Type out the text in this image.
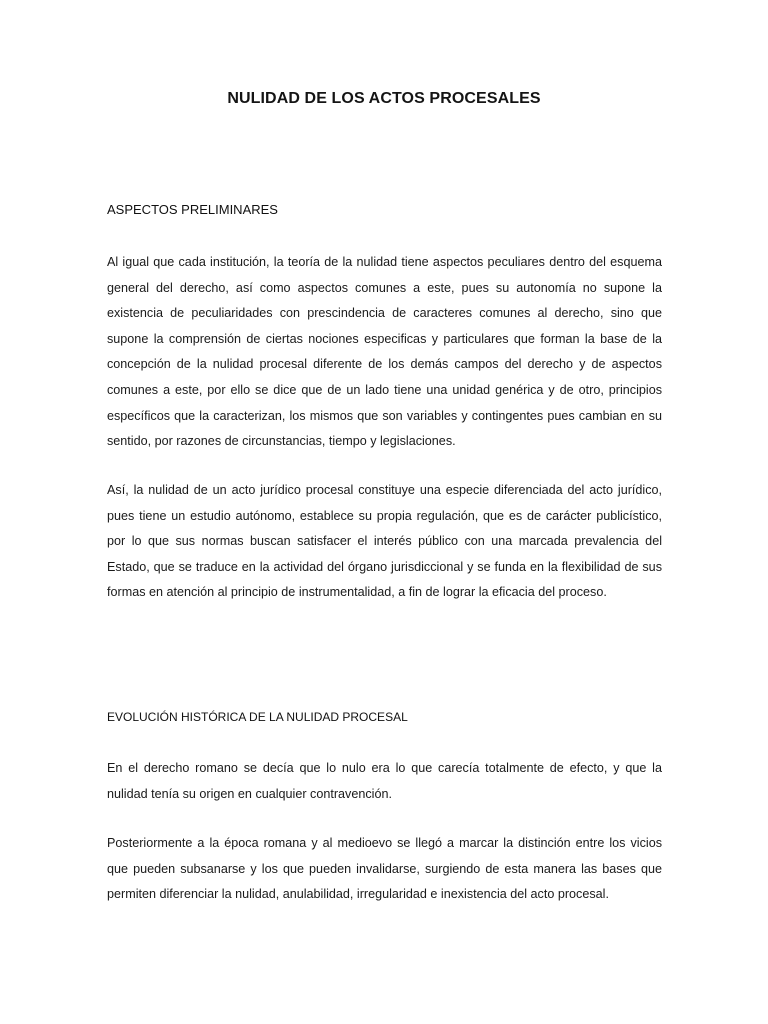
NULIDAD DE LOS ACTOS PROCESALES
ASPECTOS PRELIMINARES

Al igual que cada institución, la teoría de la nulidad tiene aspectos peculiares dentro del esquema general del derecho, así como aspectos comunes a este, pues su autonomía no supone la existencia de peculiaridades con prescindencia de caracteres comunes al derecho, sino que supone la comprensión de ciertas nociones especificas y particulares que forman la base de la concepción de la nulidad procesal diferente de los demás campos del derecho y de aspectos comunes a este, por ello se dice que de un lado tiene una unidad genérica y de otro, principios específicos que la caracterizan, los mismos que son variables y contingentes pues cambian en su sentido, por razones de circunstancias, tiempo y legislaciones.

Así, la nulidad de un acto jurídico procesal constituye una especie diferenciada del acto jurídico, pues tiene un estudio autónomo, establece su propia regulación, que es de carácter publicístico, por lo que sus normas buscan satisfacer el interés público con una marcada prevalencia del Estado, que se traduce en la actividad del órgano jurisdiccional y se funda en la flexibilidad de sus formas en atención al principio de instrumentalidad, a fin de lograr la eficacia del proceso.

EVOLUCIÓN HISTÓRICA DE LA NULIDAD PROCESAL

En el derecho romano se decía que lo nulo era lo que carecía totalmente de efecto, y que la nulidad tenía su origen en cualquier contravención.

Posteriormente a la época romana y al medioevo se llegó a marcar la distinción entre los vicios que pueden subsanarse y los que pueden invalidarse, surgiendo de esta manera las bases que permiten diferenciar la nulidad, anulabilidad, irregularidad e inexistencia del acto procesal.
